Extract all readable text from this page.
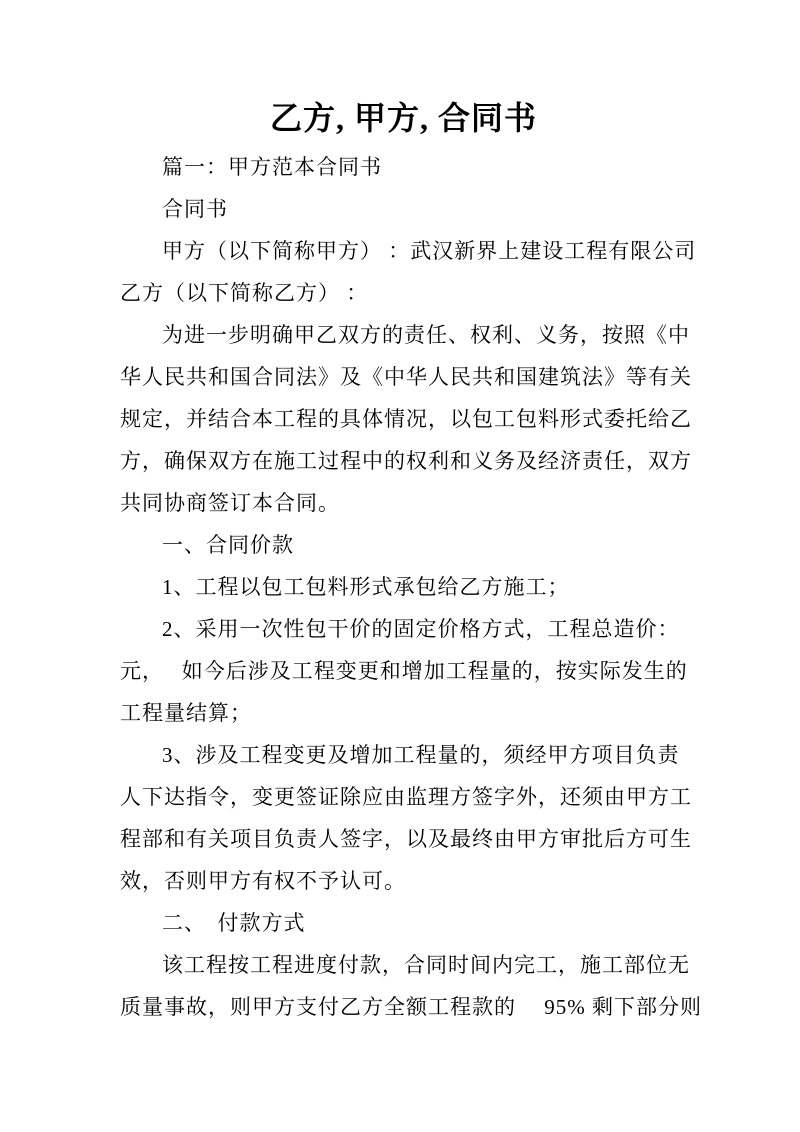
乙方, 甲方, 合同书
篇一：甲方范本合同书
合同书
甲方（以下简称甲方） ：武汉新界上建设工程有限公司
乙方（以下简称乙方） ：
为进一步明确甲乙双方的责任、权利、义务，按照《中
华人民共和国合同法》及《中华人民共和国建筑法》等有关
规定，并结合本工程的具体情况，以包工包料形式委托给乙
方，确保双方在施工过程中的权利和义务及经济责任，双方
共同协商签订本合同。
一、合同价款
1、工程以包工包料形式承包给乙方施工；
2、采用一次性包干价的固定价格方式，工程总造价：
元，　 如今后涉及工程变更和增加工程量的，按实际发生的
工程量结算；
3、涉及工程变更及增加工程量的，须经甲方项目负责
人下达指令，变更签证除应由监理方签字外，还须由甲方工
程部和有关项目负责人签字，以及最终由甲方审批后方可生
效，否则甲方有权不予认可。
二、　付款方式
该工程按工程进度付款，合同时间内完工，施工部位无
质量事故，则甲方支付乙方全额工程款的　 95% 剩下部分则
